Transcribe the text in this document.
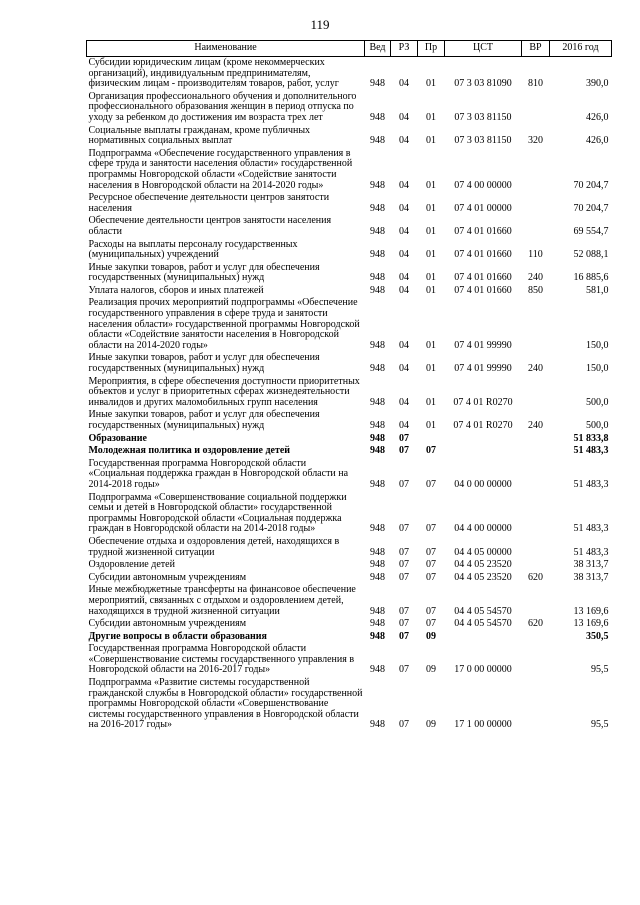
119
Наименование	Вед	РЗ	Пр	ЦСТ	ВР	2016 год
Субсидии юридическим лицам (кроме некоммерческих организаций), индивидуальным предпринимателям, физическим лицам - производителям товаров, работ, услуг	948	04	01	07 3 03 81090	810	390,0
Организация профессионального обучения и дополнительного профессионального образования женщин в период отпуска по уходу за ребенком до достижения им возраста трех лет	948	04	01	07 3 03 81150		426,0
Социальные выплаты гражданам, кроме публичных нормативных социальных выплат	948	04	01	07 3 03 81150	320	426,0
Подпрограмма «Обеспечение государственного управления в сфере труда и занятости населения области» государственной программы Новгородской области «Содействие занятости населения в Новгородской области на 2014-2020 годы»	948	04	01	07 4 00 00000		70 204,7
Ресурсное обеспечение деятельности центров занятости населения	948	04	01	07 4 01 00000		70 204,7
Обеспечение деятельности центров занятости населения области	948	04	01	07 4 01 01660		69 554,7
Расходы на выплаты персоналу государственных (муниципальных) учреждений	948	04	01	07 4 01 01660	110	52 088,1
Иные закупки товаров, работ и услуг для обеспечения государственных (муниципальных) нужд	948	04	01	07 4 01 01660	240	16 885,6
Уплата налогов, сборов и иных платежей	948	04	01	07 4 01 01660	850	581,0
Реализация прочих мероприятий подпрограммы «Обеспечение государственного управления в сфере труда и занятости населения области» государственной программы Новгородской области «Содействие занятости населения в Новгородской области на 2014-2020 годы»	948	04	01	07 4 01 99990		150,0
Иные закупки товаров, работ и услуг для обеспечения государственных (муниципальных) нужд	948	04	01	07 4 01 99990	240	150,0
Мероприятия, в сфере обеспечения доступности приоритетных объектов и услуг в приоритетных сферах жизнедеятельности инвалидов и других маломобильных групп населения	948	04	01	07 4 01 R0270		500,0
Иные закупки товаров, работ и услуг для обеспечения государственных (муниципальных) нужд	948	04	01	07 4 01 R0270	240	500,0
Образование	948	07				51 833,8
Молодежная политика и оздоровление детей	948	07	07			51 483,3
Государственная программа Новгородской области «Социальная поддержка граждан в Новгородской области на 2014-2018 годы»	948	07	07	04 0 00 00000		51 483,3
Подпрограмма «Совершенствование социальной поддержки семьи и детей в Новгородской области» государственной программы Новгородской области «Социальная поддержка граждан в Новгородской области на 2014-2018 годы»	948	07	07	04 4 00 00000		51 483,3
Обеспечение отдыха и оздоровления детей, находящихся в трудной жизненной ситуации	948	07	07	04 4 05 00000		51 483,3
Оздоровление детей	948	07	07	04 4 05 23520		38 313,7
Субсидии автономным учреждениям	948	07	07	04 4 05 23520	620	38 313,7
Иные межбюджетные трансферты на финансовое обеспечение мероприятий, связанных с отдыхом и оздоровлением детей, находящихся в трудной жизненной ситуации	948	07	07	04 4 05 54570		13 169,6
Субсидии автономным учреждениям	948	07	07	04 4 05 54570	620	13 169,6
Другие вопросы в области образования	948	07	09			350,5
Государственная программа Новгородской области «Совершенствование системы государственного управления в Новгородской области на 2016-2017 годы»	948	07	09	17 0 00 00000		95,5
Подпрограмма «Развитие системы государственной гражданской службы в Новгородской области» государственной программы Новгородской области «Совершенствование системы государственного управления в Новгородской области на 2016-2017 годы»	948	07	09	17 1 00 00000		95,5
